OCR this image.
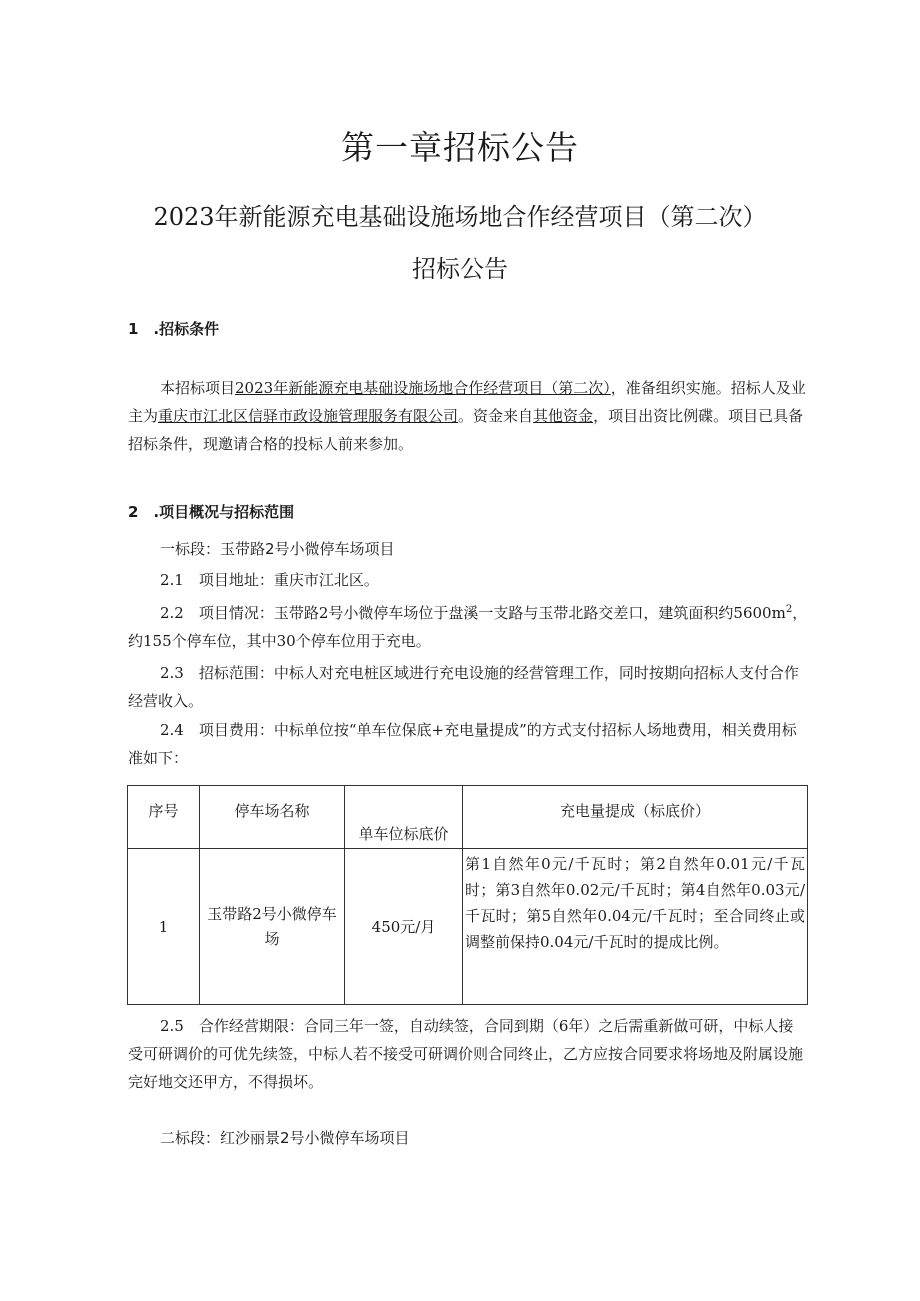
第一章招标公告
2023年新能源充电基础设施场地合作经营项目（第二次）
招标公告
1　.招标条件
本招标项目2023年新能源充电基础设施场地合作经营项目（第二次），准备组织实施。招标人及业主为重庆市江北区信驿市政设施管理服务有限公司。资金来自其他资金，项目出资比例碟。项目已具备招标条件，现邀请合格的投标人前来参加。
2　.项目概况与招标范围
一标段：玉带路2号小微停车场项目
2.1　项目地址：重庆市江北区。
2.2　项目情况：玉带路2号小微停车场位于盘溪一支路与玉带北路交差口，建筑面积约$5600m^2$，约155个停车位，其中30个停车位用于充电。
2.3　招标范围：中标人对充电桩区域进行充电设施的经营管理工作，同时按期向招标人支付合作经营收入。
2.4　项目费用：中标单位按“单车位保底+充电量提成”的方式支付招标人场地费用，相关费用标准如下：
序号	停车场名称	单车位标底价	充电量提成（标底价）
1	玉带路2号小微停车场	450元/月	第1自然年0元/千瓦时；第2自然年0.01元/千瓦时；第3自然年0.02元/千瓦时；第4自然年0.03元/千瓦时；第5自然年0.04元/千瓦时；至合同终止或调整前保持0.04元/千瓦时的提成比例。
2.5　合作经营期限：合同三年一签，自动续签，合同到期（6年）之后需重新做可研，中标人接受可研调价的可优先续签，中标人若不接受可研调价则合同终止，乙方应按合同要求将场地及附属设施完好地交还甲方，不得损坏。
二标段：红沙丽景2号小微停车场项目
